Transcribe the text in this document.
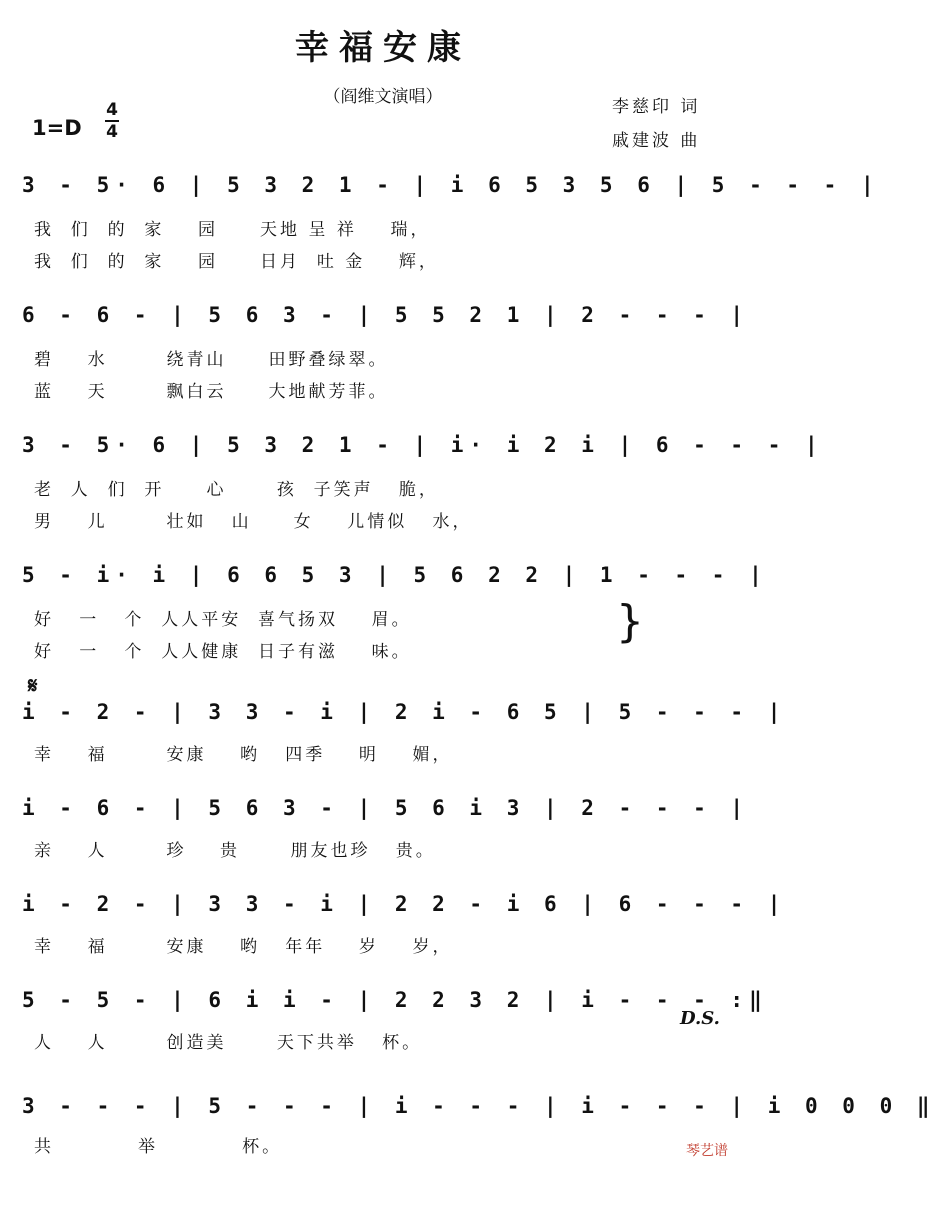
幸福安康
（阎维文演唱）
1=D
4
4
李慈印 词
戚建波 曲
3 - 5· 6 | 5 3 2 1 - | i 6 5 3 5 6 | 5 - - - |
我  们  的  家    园     天地 呈 祥    瑞，
我  们  的  家    园     日月  吐 金    辉，
6 - 6 - | 5 6 3 - | 5 5 2 1 | 2 - - - |
碧    水       绕青山     田野叠绿翠。
蓝    天       飘白云     大地献芳菲。
3 - 5· 6 | 5 3 2 1 - | i· i 2 i | 6 - - - |
老  人  们  开     心      孩  子笑声   脆，
男    儿       壮如   山     女    儿情似   水，
5 - i· i | 6 6 5 3 | 5 6 2 2 | 1 - - - |
好   一   个  人人平安  喜气扬双    眉。
好   一   个  人人健康  日子有滋    味。
}
𝄋
i - 2 - | 3 3 - i | 2 i - 6 5 | 5 - - - |
幸    福       安康    哟   四季    明    媚，
i - 6 - | 5 6 3 - | 5 6 i 3 | 2 - - - |
亲    人       珍    贵      朋友也珍   贵。
i - 2 - | 3 3 - i | 2 2 - i 6 | 6 - - - |
幸    福       安康    哟   年年    岁    岁，
5 - 5 - | 6 i i - | 2 2 3 2 | i - - - :‖
人    人       创造美      天下共举   杯。
D.S.
3 - - - | 5 - - - | i - - - | i - - - | i 0 0 0 ‖
共          举          杯。	琴艺谱
